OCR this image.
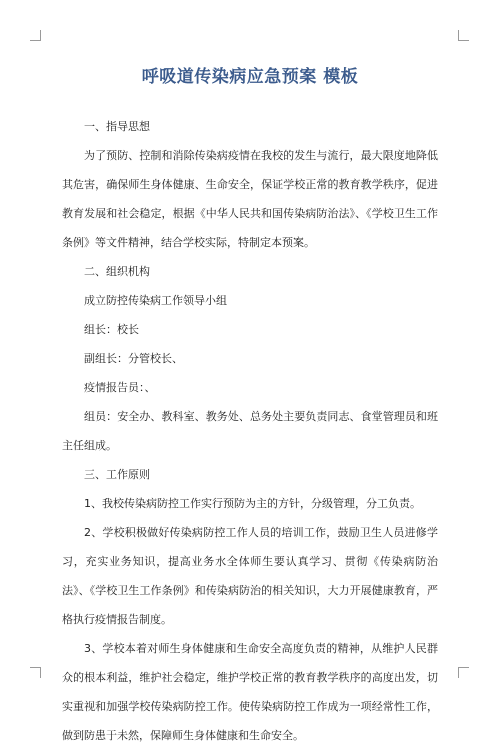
呼吸道传染病应急预案 模板

一、指导思想

为了预防、控制和消除传染病疫情在我校的发生与流行，最大限度地降低其危害，确保师生身体健康、生命安全，保证学校正常的教育教学秩序，促进教育发展和社会稳定，根据《中华人民共和国传染病防治法》、《学校卫生工作条例》等文件精神，结合学校实际，特制定本预案。

二、组织机构

成立防控传染病工作领导小组

组长：校长

副组长：分管校长、

疫情报告员：、

组员：安全办、教科室、教务处、总务处主要负责同志、食堂管理员和班主任组成。

三、工作原则

1、我校传染病防控工作实行预防为主的方针，分级管理，分工负责。

2、学校积极做好传染病防控工作人员的培训工作，鼓励卫生人员进修学习，充实业务知识，提高业务水全体师生要认真学习、贯彻《传染病防治法》、《学校卫生工作条例》和传染病防治的相关知识，大力开展健康教育，严格执行疫情报告制度。

3、学校本着对师生身体健康和生命安全高度负责的精神，从维护人民群众的根本利益，维护社会稳定，维护学校正常的教育教学秩序的高度出发，切实重视和加强学校传染病防控工作。使传染病防控工作成为一项经常性工作，做到防患于未然，保障师生身体健康和生命安全。
